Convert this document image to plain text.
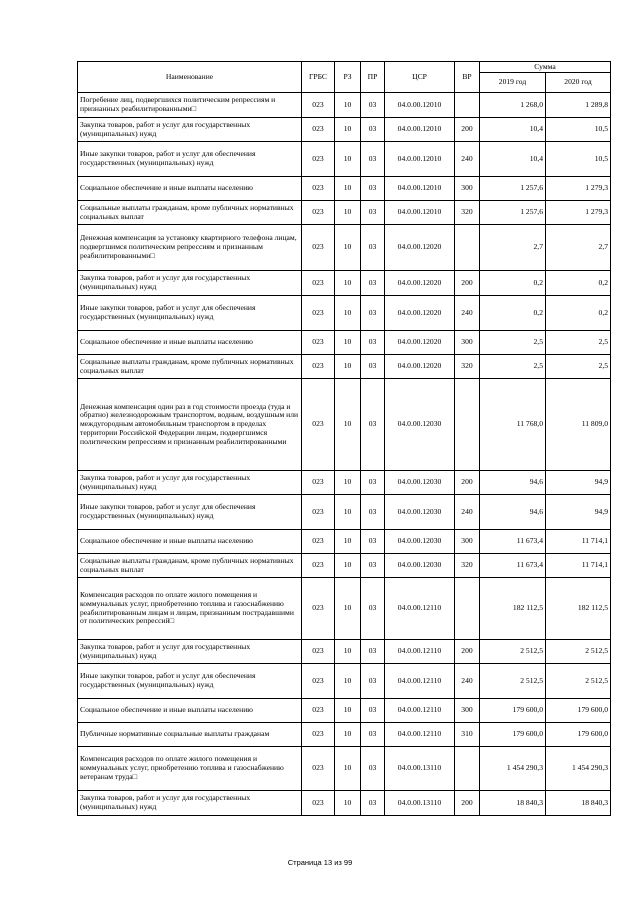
Наименование	ГРБС	РЗ	ПР	ЦСР	ВР	Сумма	
						2019 год	2020 год
Погребение лиц, подвергшихся политическим репрессиям и признанных реабилитированными□	023	10	03	04.0.00.12010		1 268,0	1 289,8
Закупка товаров, работ и услуг для государственных (муниципальных) нужд	023	10	03	04.0.00.12010	200	10,4	10,5
Иные закупки товаров, работ и услуг для обеспечения государственных (муниципальных) нужд	023	10	03	04.0.00.12010	240	10,4	10,5
Социальное обеспечение и иные выплаты населению	023	10	03	04.0.00.12010	300	1 257,6	1 279,3
Социальные выплаты гражданам, кроме публичных нормативных социальных выплат	023	10	03	04.0.00.12010	320	1 257,6	1 279,3
Денежная компенсация за установку квартирного телефона лицам, подвергшимся политическим репрессиям и признанным реабилитированными□	023	10	03	04.0.00.12020		2,7	2,7
Закупка товаров, работ и услуг для государственных (муниципальных) нужд	023	10	03	04.0.00.12020	200	0,2	0,2
Иные закупки товаров, работ и услуг для обеспечения государственных (муниципальных) нужд	023	10	03	04.0.00.12020	240	0,2	0,2
Социальное обеспечение и иные выплаты населению	023	10	03	04.0.00.12020	300	2,5	2,5
Социальные выплаты гражданам, кроме публичных нормативных социальных выплат	023	10	03	04.0.00.12020	320	2,5	2,5
Денежная компенсация один раз в год стоимости проезда (туда и обратно) железнодорожным транспортом, водным, воздушным или междугородным автомобильным транспортом в пределах территории Российской Федерации лицам, подвергшимся политическим репрессиям и признанным реабилитированными	023	10	03	04.0.00.12030		11 768,0	11 809,0
Закупка товаров, работ и услуг для государственных (муниципальных) нужд	023	10	03	04.0.00.12030	200	94,6	94,9
Иные закупки товаров, работ и услуг для обеспечения государственных (муниципальных) нужд	023	10	03	04.0.00.12030	240	94,6	94,9
Социальное обеспечение и иные выплаты населению	023	10	03	04.0.00.12030	300	11 673,4	11 714,1
Социальные выплаты гражданам, кроме публичных нормативных социальных выплат	023	10	03	04.0.00.12030	320	11 673,4	11 714,1
Компенсация расходов по оплате жилого помещения и коммунальных услуг, приобретению топлива и газоснабжению реабилитированным лицам и лицам, признанным пострадавшими от политических репрессий□	023	10	03	04.0.00.12110		182 112,5	182 112,5
Закупка товаров, работ и услуг для государственных (муниципальных) нужд	023	10	03	04.0.00.12110	200	2 512,5	2 512,5
Иные закупки товаров, работ и услуг для обеспечения государственных (муниципальных) нужд	023	10	03	04.0.00.12110	240	2 512,5	2 512,5
Социальное обеспечение и иные выплаты населению	023	10	03	04.0.00.12110	300	179 600,0	179 600,0
Публичные нормативные социальные выплаты гражданам	023	10	03	04.0.00.12110	310	179 600,0	179 600,0
Компенсация расходов по оплате жилого помещения и коммунальных услуг, приобретению топлива и газоснабжению ветеранам труда□	023	10	03	04.0.00.13110		1 454 290,3	1 454 290,3
Закупка товаров, работ и услуг для государственных (муниципальных) нужд	023	10	03	04.0.00.13110	200	18 840,3	18 840,3
Страница 13 из 99
